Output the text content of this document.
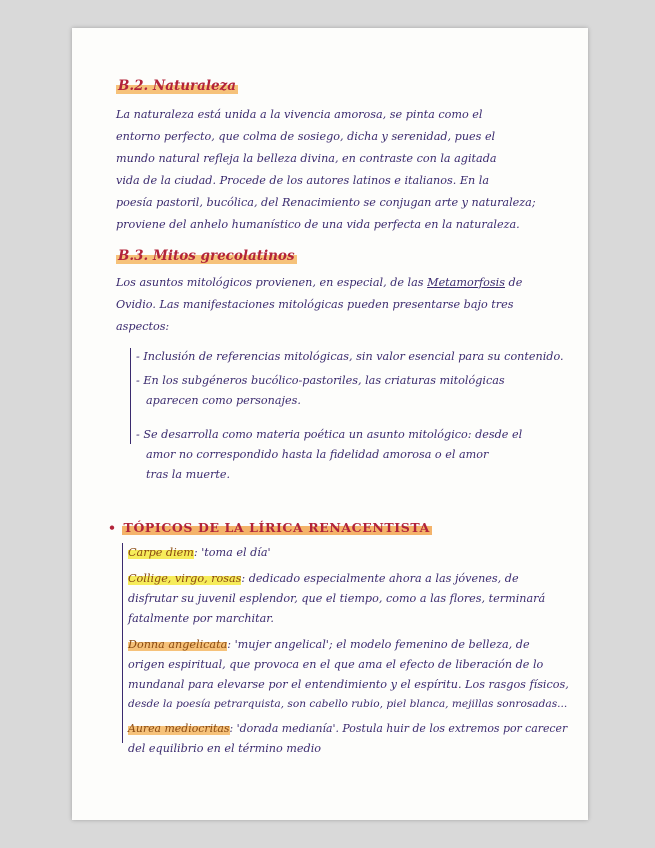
B.2. Naturaleza
La naturaleza está unida a la vivencia amorosa, se pinta como el
entorno perfecto, que colma de sosiego, dicha y serenidad, pues el
mundo natural refleja la belleza divina, en contraste con la agitada
vida de la ciudad. Procede de los autores latinos e italianos. En la
poesía pastoril, bucólica, del Renacimiento se conjugan arte y naturaleza;
proviene del anhelo humanístico de una vida perfecta en la naturaleza.
B.3. Mitos grecolatinos
Los asuntos mitológicos provienen, en especial, de las Metamorfosis de
Ovidio. Las manifestaciones mitológicas pueden presentarse bajo tres
aspectos:
- Inclusión de referencias mitológicas, sin valor esencial para su contenido.
- En los subgéneros bucólico-pastoriles, las criaturas mitológicas
aparecen como personajes.
- Se desarrolla como materia poética un asunto mitológico: desde el
amor no correspondido hasta la fidelidad amorosa o el amor
tras la muerte.
• TÓPICOS DE LA LÍRICA RENACENTISTA
Carpe diem: 'toma el día'
Collige, virgo, rosas: dedicado especialmente ahora a las jóvenes, de
disfrutar su juvenil esplendor, que el tiempo, como a las flores, terminará
fatalmente por marchitar.
Donna angelicata: 'mujer angelical'; el modelo femenino de belleza, de
origen espiritual, que provoca en el que ama el efecto de liberación de lo
mundanal para elevarse por el entendimiento y el espíritu. Los rasgos físicos,
desde la poesía petrarquista, son cabello rubio, piel blanca, mejillas sonrosadas...
Aurea mediocritas: 'dorada medianía'. Postula huir de los extremos por carecer
del equilibrio en el término medio
